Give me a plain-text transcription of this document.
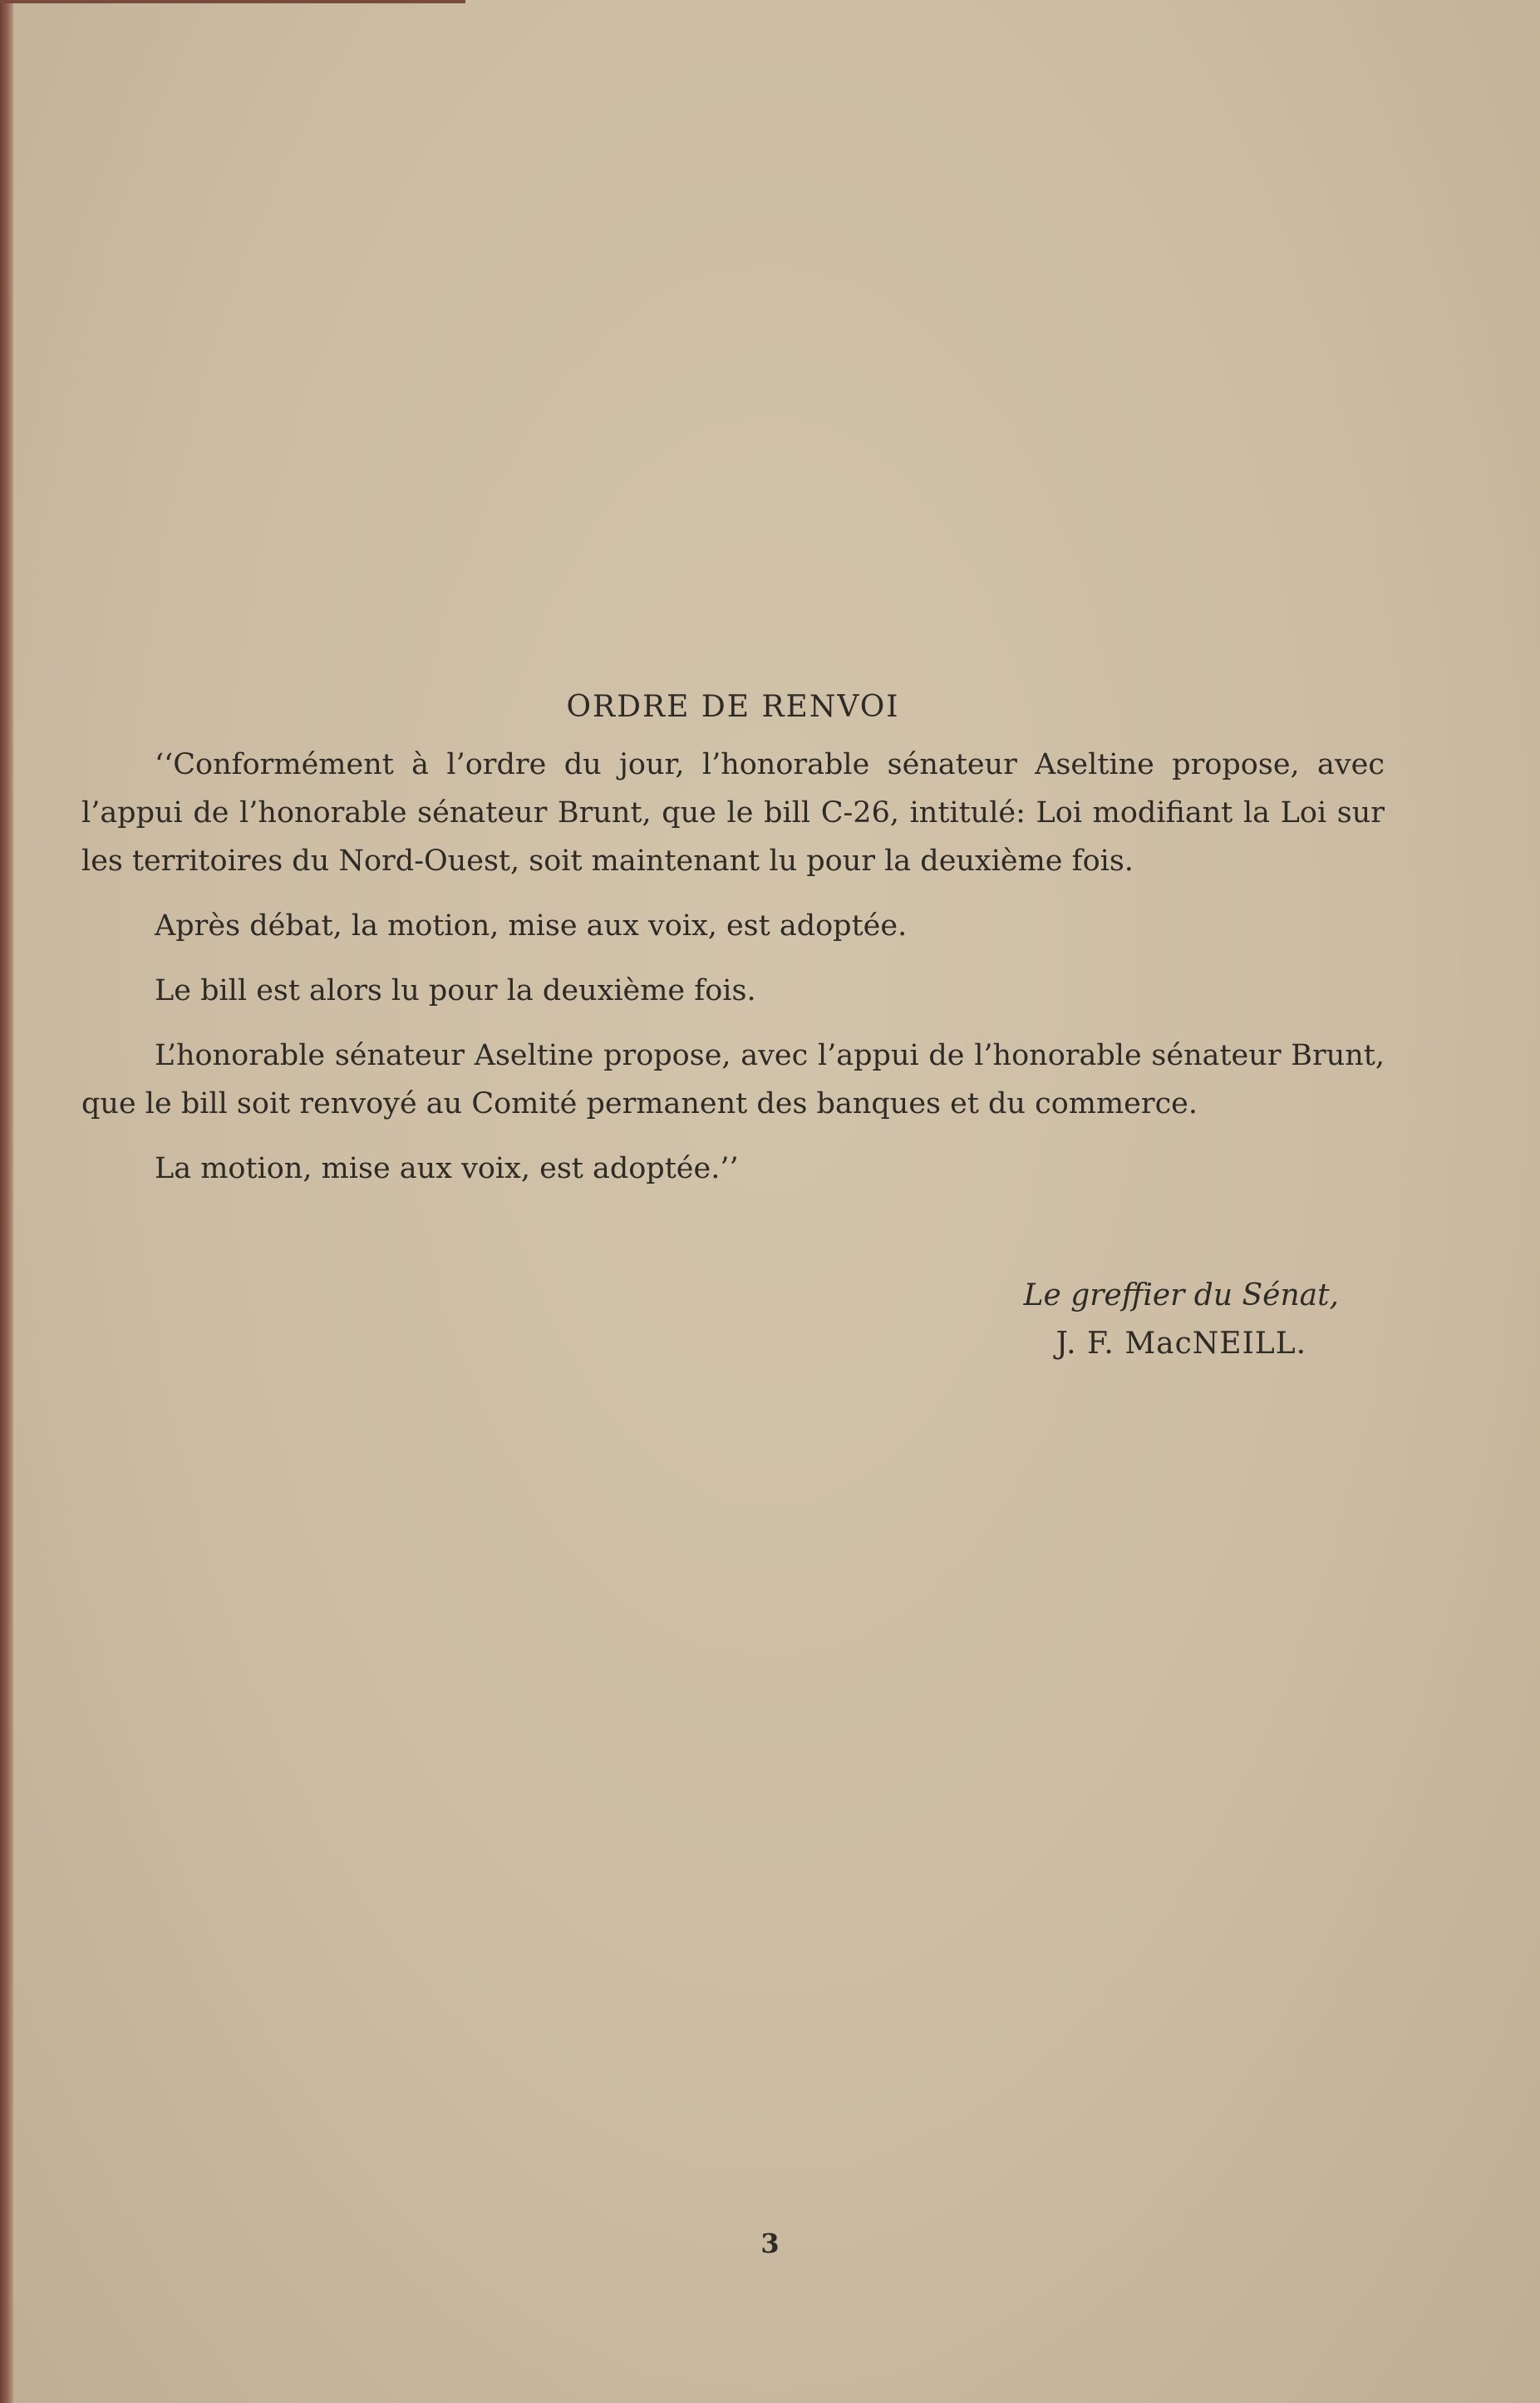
ORDRE DE RENVOI

‘‘Conformément à l’ordre du jour, l’honorable sénateur Aseltine propose, avec l’appui de l’honorable sénateur Brunt, que le bill C-26, intitulé: Loi modifiant la Loi sur les territoires du Nord-Ouest, soit maintenant lu pour la deuxième fois.

Après débat, la motion, mise aux voix, est adoptée.

Le bill est alors lu pour la deuxième fois.

L’honorable sénateur Aseltine propose, avec l’appui de l’honorable sénateur Brunt, que le bill soit renvoyé au Comité permanent des banques et du commerce.

La motion, mise aux voix, est adoptée.’’

Le greffier du Sénat,
J. F. MacNEILL.
3
